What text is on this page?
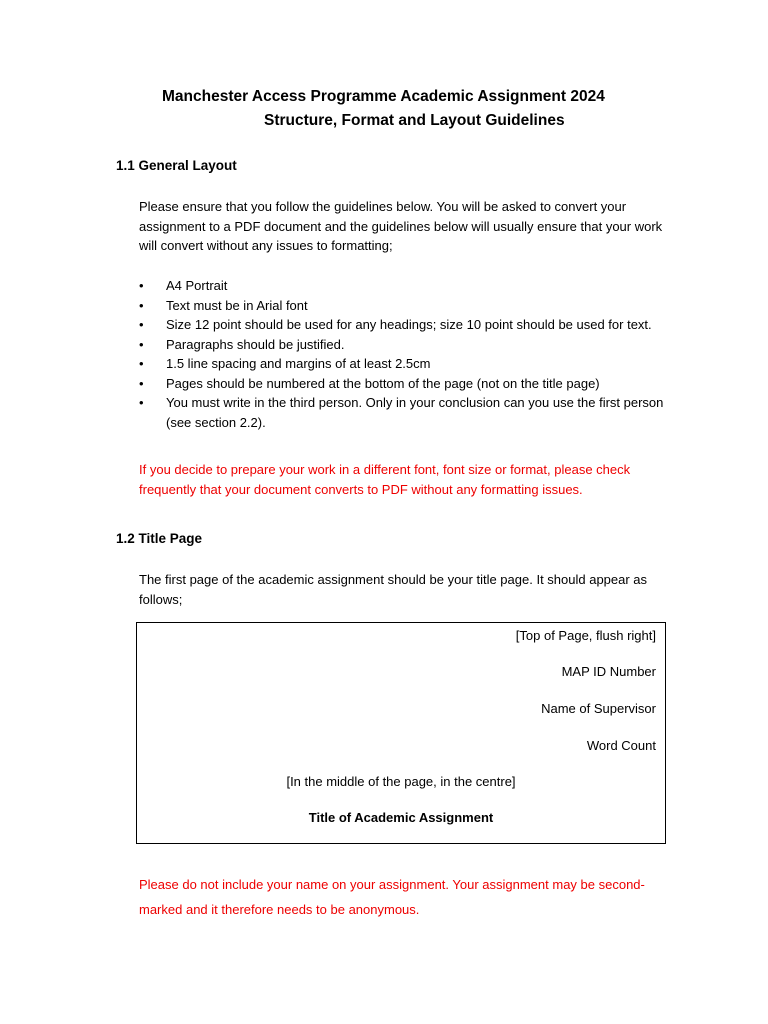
Manchester Access Programme Academic Assignment 2024
Structure, Format and Layout Guidelines
1.1 General Layout
Please ensure that you follow the guidelines below. You will be asked to convert your
assignment to a PDF document and the guidelines below will usually ensure that your work
will convert without any issues to formatting;
• A4 Portrait
• Text must be in Arial font
• Size 12 point should be used for any headings; size 10 point should be used for text.
• Paragraphs should be justified.
• 1.5 line spacing and margins of at least 2.5cm
• Pages should be numbered at the bottom of the page (not on the title page)
• You must write in the third person. Only in your conclusion can you use the first person
(see section 2.2).
If you decide to prepare your work in a different font, font size or format, please check
frequently that your document converts to PDF without any formatting issues.
1.2 Title Page
The first page of the academic assignment should be your title page. It should appear as
follows;
[Top of Page, flush right]
MAP ID Number
Name of Supervisor
Word Count
[In the middle of the page, in the centre]
Title of Academic Assignment
Please do not include your name on your assignment. Your assignment may be second-
marked and it therefore needs to be anonymous.
